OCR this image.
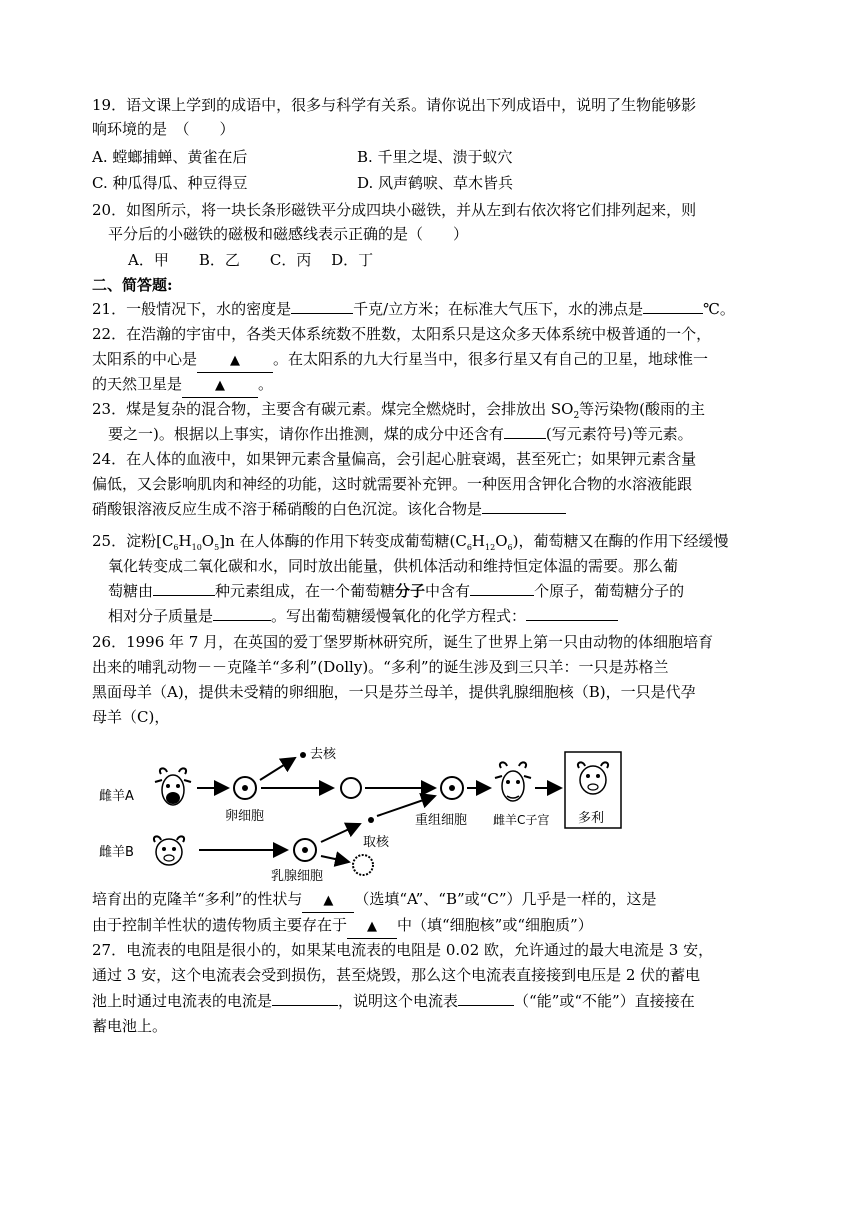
19．语文课上学到的成语中，很多与科学有关系。请你说出下列成语中，说明了生物能够影
响环境的是　（　　）
A. 螳螂捕蝉、黄雀在后	B. 千里之堤、溃于蚁穴
C. 种瓜得瓜、种豆得豆	D. 风声鹤唳、草木皆兵
20．如图所示，将一块长条形磁铁平分成四块小磁铁，并从左到右依次将它们排列起来，则
平分后的小磁铁的磁极和磁感线表示正确的是（　　）
A．甲　　B．乙　　C．丙　 D．丁
二、简答题:
21．一般情况下，水的密度是	千克/立方米；在标准大气压下，水的沸点是	℃。
22．在浩瀚的宇宙中，各类天体系统数不胜数，太阳系只是这众多天体系统中极普通的一个，
太阳系的中心是	▲ 。在太阳系的九大行星当中，很多行星又有自己的卫星，地球惟一
的天然卫星是	▲ 。
23．煤是复杂的混合物，主要含有碳元素。煤完全燃烧时，会排放出 $SO_2$等污染物(酸雨的主
要之一)。根据以上事实，请你作出推测，煤的成分中还含有	(写元素符号)等元素。
24．在人体的血液中，如果钾元素含量偏高，会引起心脏衰竭，甚至死亡；如果钾元素含量
偏低，又会影响肌肉和神经的功能，这时就需要补充钾。一种医用含钾化合物的水溶液能跟
硝酸银溶液反应生成不溶于稀硝酸的白色沉淀。该化合物是
25．淀粉$[C_6H_{10}O_5]n$ 在人体酶的作用下转变成葡萄糖$(C_6H_{12}O_6)$，葡萄糖又在酶的作用下经缓慢
氧化转变成二氧化碳和水，同时放出能量，供机体活动和维持恒定体温的需要。那么葡
萄糖由	种元素组成，在一个葡萄糖分子中含有	个原子，葡萄糖分子的
相对分子质量是	。写出葡萄糖缓慢氧化的化学方程式：
26．1996 年 7 月，在英国的爱丁堡罗斯林研究所，诞生了世界上第一只由动物的体细胞培育
出来的哺乳动物－－克隆羊“多利”(Dolly)。“多利”的诞生涉及到三只羊：一只是苏格兰
黑面母羊（A)，提供未受精的卵细胞，一只是芬兰母羊，提供乳腺细胞核（B)，一只是代孕
母羊（C)，
雌羊A
卵细胞
去核
多利
重组细胞 雌羊C子宫
雌羊B
乳腺细胞
取核
培育出的克隆羊“多利”的性状与 ▲ （选填“A”、“B”或“C”）几乎是一样的，这是
由于控制羊性状的遗传物质主要存在于 ▲ 中（填“细胞核”或“细胞质”）
27．电流表的电阻是很小的，如果某电流表的电阻是 0.02 欧，允许通过的最大电流是 3 安，
通过 3 安，这个电流表会受到损伤，甚至烧毁，那么这个电流表直接接到电压是 2 伏的蓄电
池上时通过电流表的电流是	，说明这个电流表	（“能”或“不能”）直接接在
蓄电池上。
